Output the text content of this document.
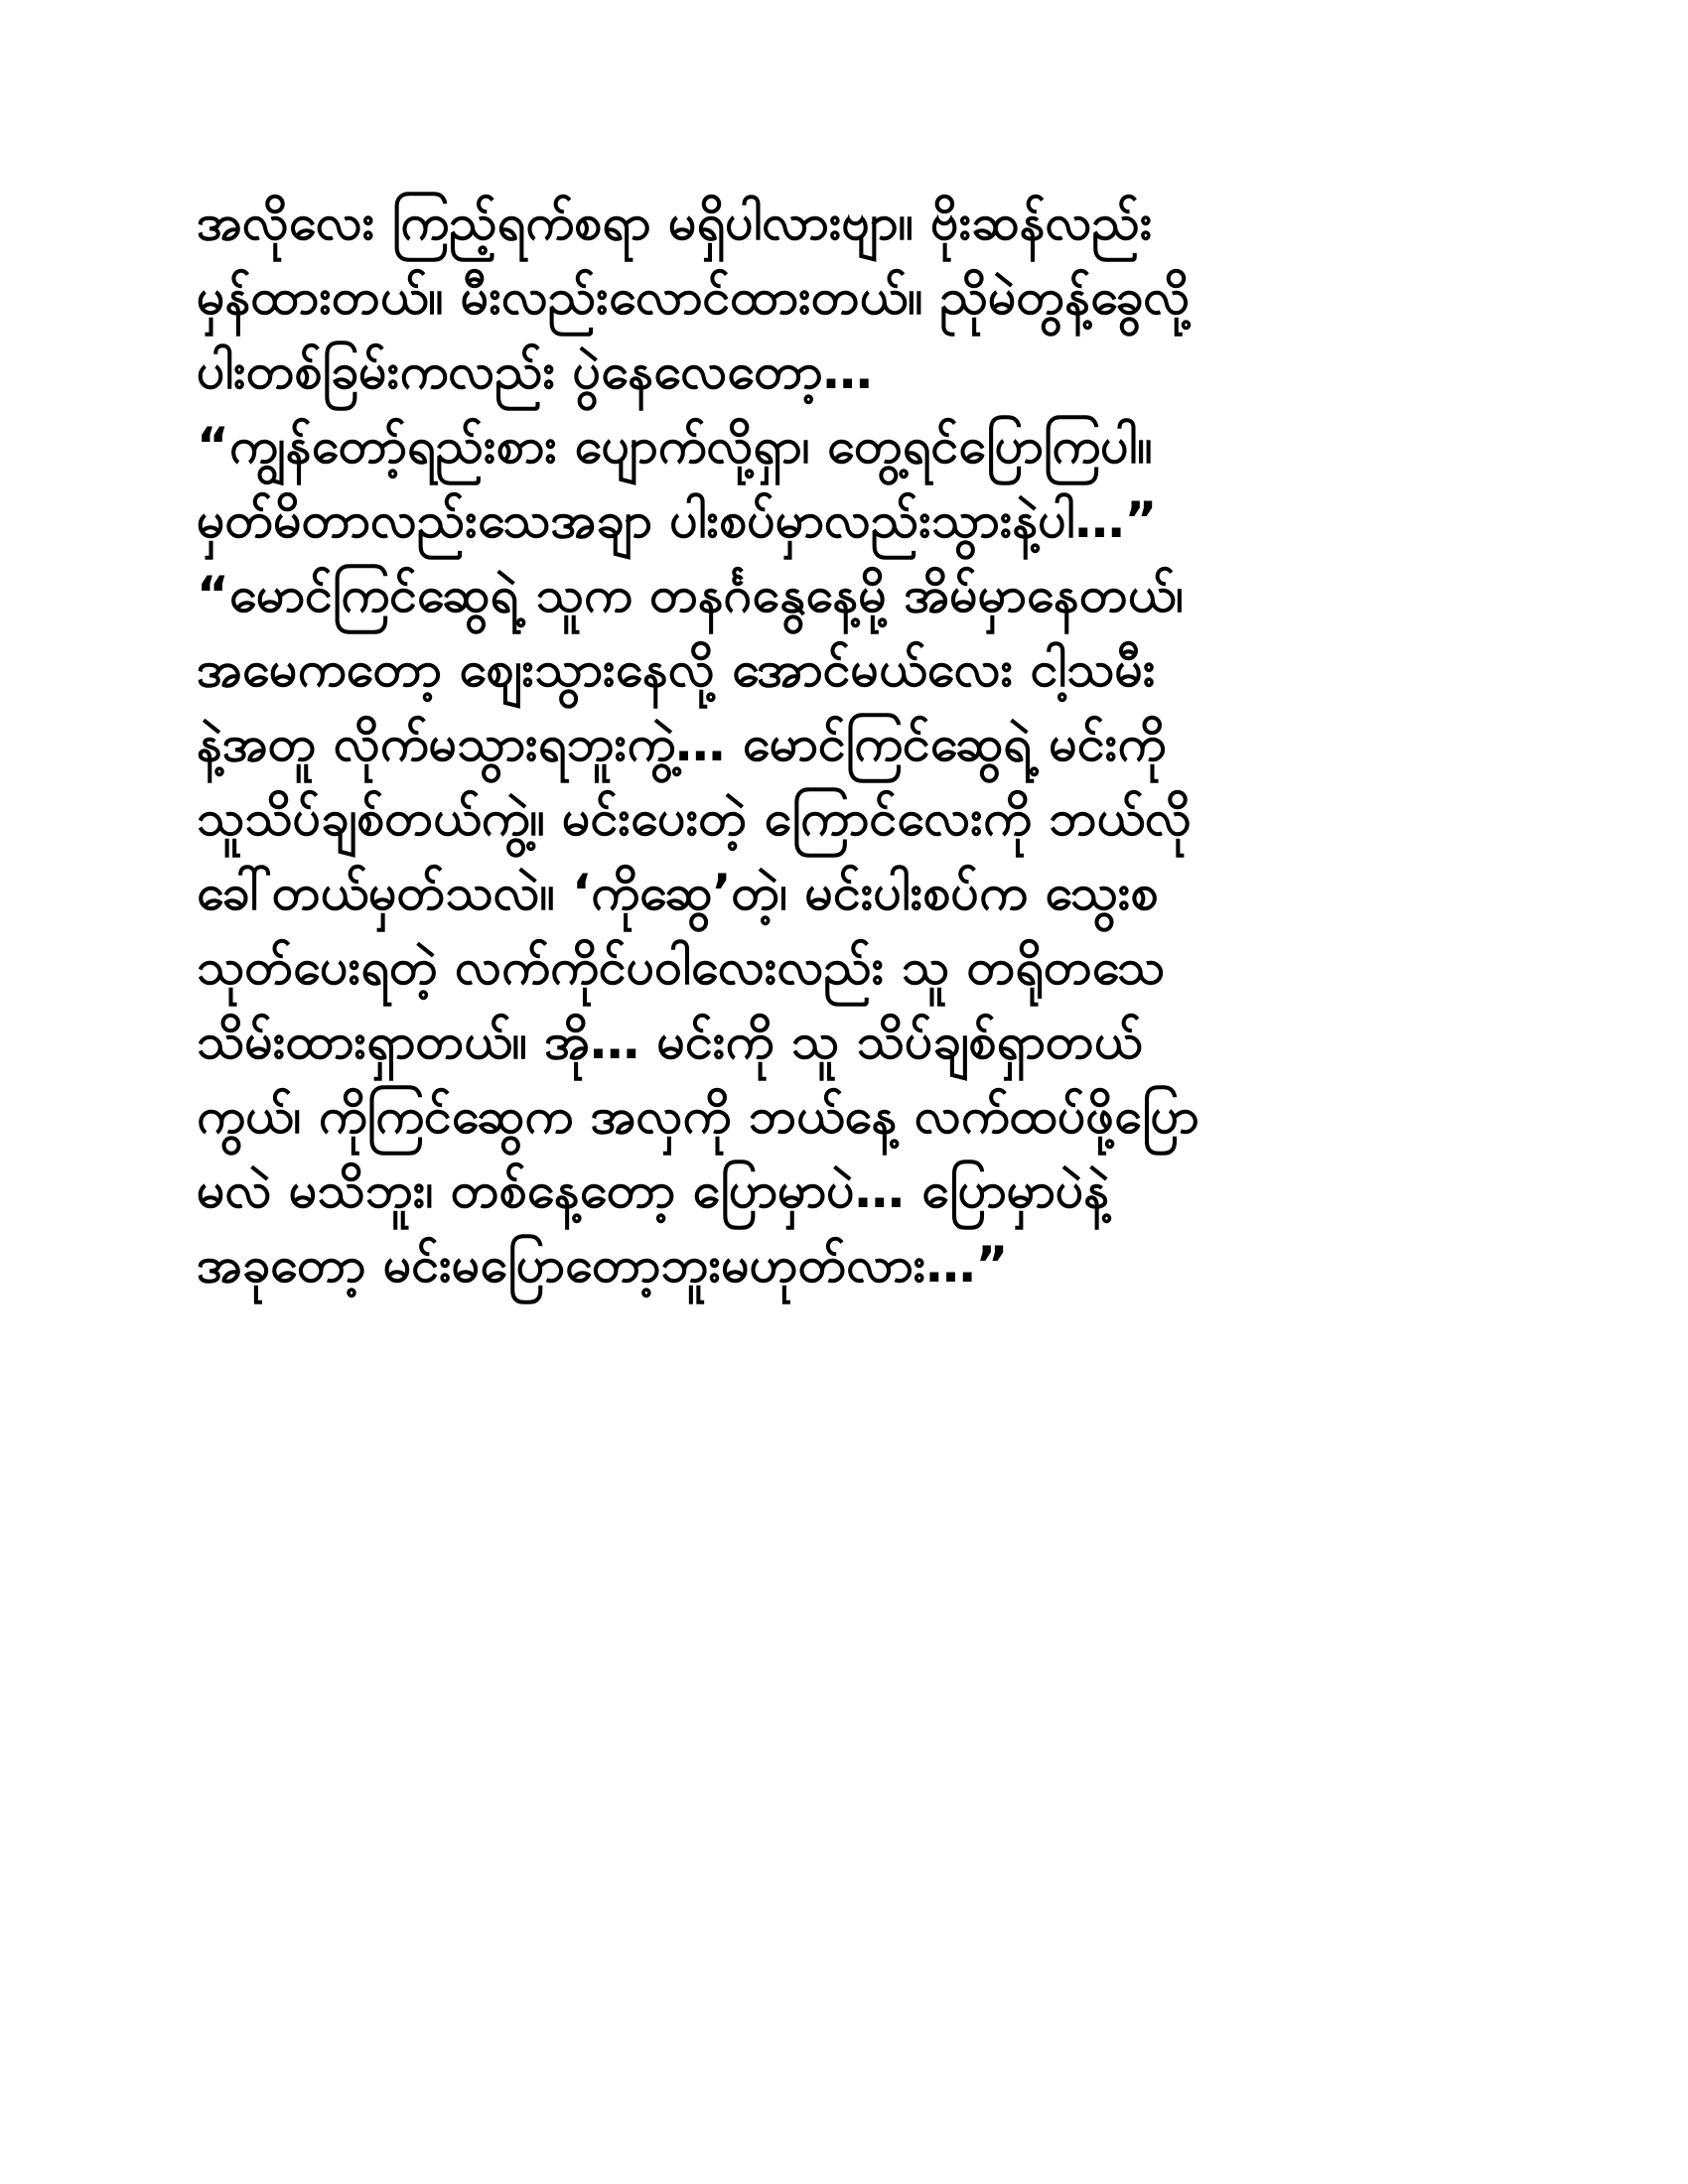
အလိုလေး ကြည့်ရက်စရာ မရှိပါလားဗျာ။ ဗိုးဆန်လည်း
မှန်ထားတယ်။ မီးလည်းလောင်ထားတယ်။ ညိုမဲတွန့်ခွေလို့
ပါးတစ်ခြမ်းကလည်း ပွဲနေလေတော့…
“ကျွန်တော့်ရည်းစား ပျောက်လို့ရှာ၊ တွေ့ရင်ပြောကြပါ။
မှတ်မိတာလည်းသေအချာ ပါးစပ်မှာလည်းသွားနဲ့ပါ…”
“မောင်ကြင်ဆွေရဲ့ သူက တနင်္ဂနွေနေ့မို့ အိမ်မှာနေတယ်၊
အမေကတော့ စျေးသွားနေလို့ အောင်မယ်လေး ငါ့သမီး
နဲ့အတူ လိုက်မသွားရဘူးကွဲ့… မောင်ကြင်ဆွေရဲ့ မင်းကို
သူသိပ်ချစ်တယ်ကွဲ့။ မင်းပေးတဲ့ ကြောင်လေးကို ဘယ်လို
ခေါ်တယ်မှတ်သလဲ။ ‘ကိုဆွေ’တဲ့၊ မင်းပါးစပ်က သွေးစ
သုတ်ပေးရတဲ့ လက်ကိုင်ပဝါလေးလည်း သူ တရိုတသေ
သိမ်းထားရှာတယ်။ အို… မင်းကို သူ သိပ်ချစ်ရှာတယ်
ကွယ်၊ ကိုကြင်ဆွေက အလှကို ဘယ်နေ့ လက်ထပ်ဖို့ပြော
မလဲ မသိဘူး၊ တစ်နေ့တော့ ပြောမှာပဲ… ပြောမှာပဲနဲ့
အခုတော့ မင်းမပြောတော့ဘူးမဟုတ်လား…”
